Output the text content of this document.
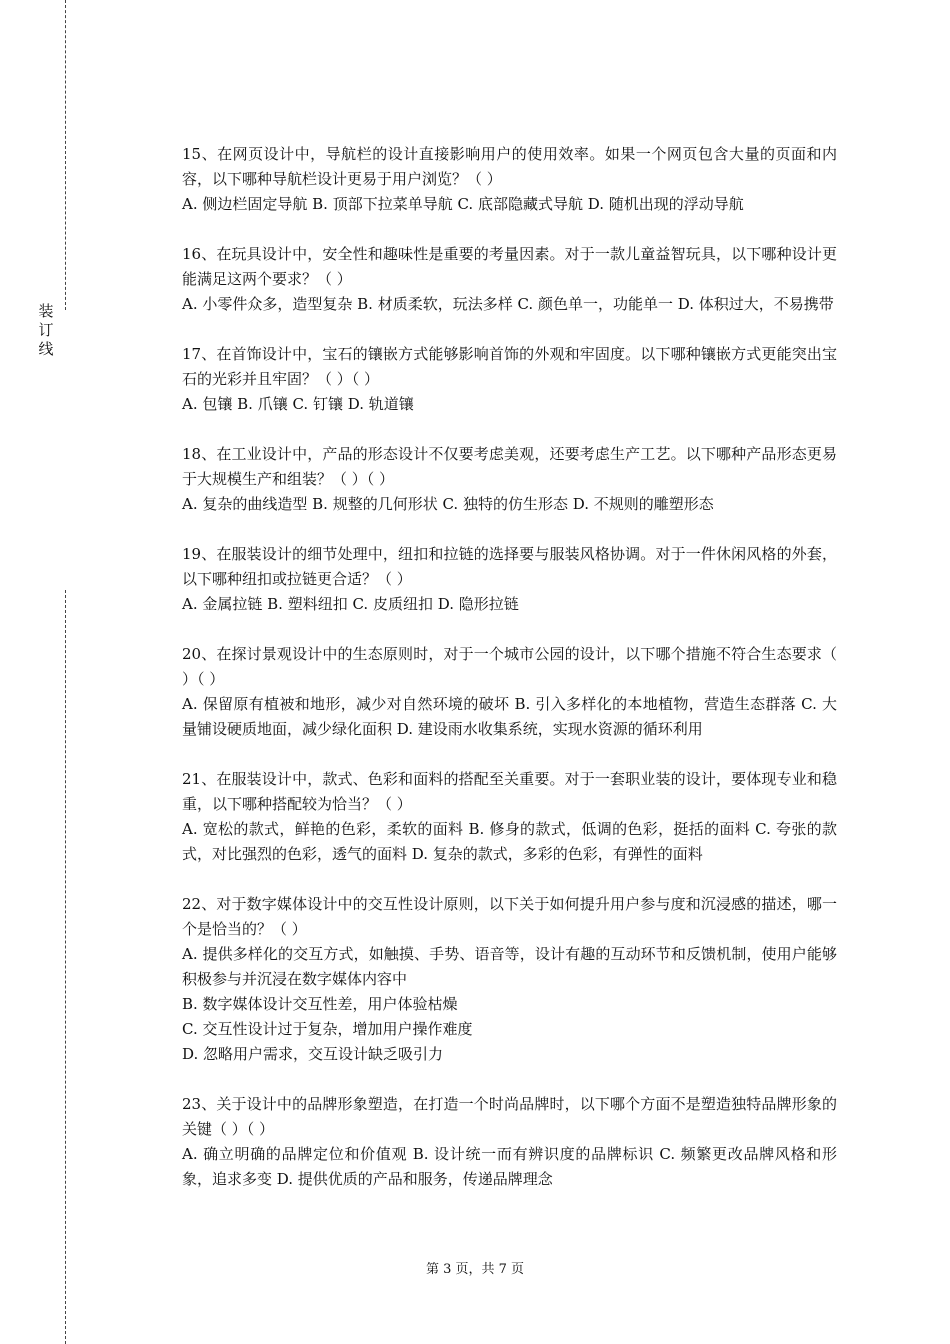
装
订
线

15、在网页设计中，导航栏的设计直接影响用户的使用效率。如果一个网页包含大量的页面和内容，以下哪种导航栏设计更易于用户浏览？（ ）

A. 侧边栏固定导航 B. 顶部下拉菜单导航 C. 底部隐藏式导航 D. 随机出现的浮动导航

16、在玩具设计中，安全性和趣味性是重要的考量因素。对于一款儿童益智玩具，以下哪种设计更能满足这两个要求？（ ）

A. 小零件众多，造型复杂 B. 材质柔软，玩法多样 C. 颜色单一，功能单一 D. 体积过大，不易携带

17、在首饰设计中，宝石的镶嵌方式能够影响首饰的外观和牢固度。以下哪种镶嵌方式更能突出宝石的光彩并且牢固？（ ）（ ）

A. 包镶 B. 爪镶 C. 钉镶 D. 轨道镶

18、在工业设计中，产品的形态设计不仅要考虑美观，还要考虑生产工艺。以下哪种产品形态更易于大规模生产和组装？（ ）（ ）

A. 复杂的曲线造型 B. 规整的几何形状 C. 独特的仿生形态 D. 不规则的雕塑形态

19、在服装设计的细节处理中，纽扣和拉链的选择要与服装风格协调。对于一件休闲风格的外套，以下哪种纽扣或拉链更合适？（ ）

A. 金属拉链 B. 塑料纽扣 C. 皮质纽扣 D. 隐形拉链

20、在探讨景观设计中的生态原则时，对于一个城市公园的设计，以下哪个措施不符合生态要求（ ）（ ）

A. 保留原有植被和地形，减少对自然环境的破坏 B. 引入多样化的本地植物，营造生态群落 C. 大量铺设硬质地面，减少绿化面积 D. 建设雨水收集系统，实现水资源的循环利用

21、在服装设计中，款式、色彩和面料的搭配至关重要。对于一套职业装的设计，要体现专业和稳重，以下哪种搭配较为恰当？（ ）

A. 宽松的款式，鲜艳的色彩，柔软的面料 B. 修身的款式，低调的色彩，挺括的面料 C. 夸张的款式，对比强烈的色彩，透气的面料 D. 复杂的款式，多彩的色彩，有弹性的面料

22、对于数字媒体设计中的交互性设计原则，以下关于如何提升用户参与度和沉浸感的描述，哪一个是恰当的？（ ）

A. 提供多样化的交互方式，如触摸、手势、语音等，设计有趣的互动环节和反馈机制，使用户能够积极参与并沉浸在数字媒体内容中

B. 数字媒体设计交互性差，用户体验枯燥

C. 交互性设计过于复杂，增加用户操作难度

D. 忽略用户需求，交互设计缺乏吸引力

23、关于设计中的品牌形象塑造，在打造一个时尚品牌时，以下哪个方面不是塑造独特品牌形象的关键（ ）（ ）

A. 确立明确的品牌定位和价值观 B. 设计统一而有辨识度的品牌标识 C. 频繁更改品牌风格和形象，追求多变 D. 提供优质的产品和服务，传递品牌理念

第 3 页，共 7 页
